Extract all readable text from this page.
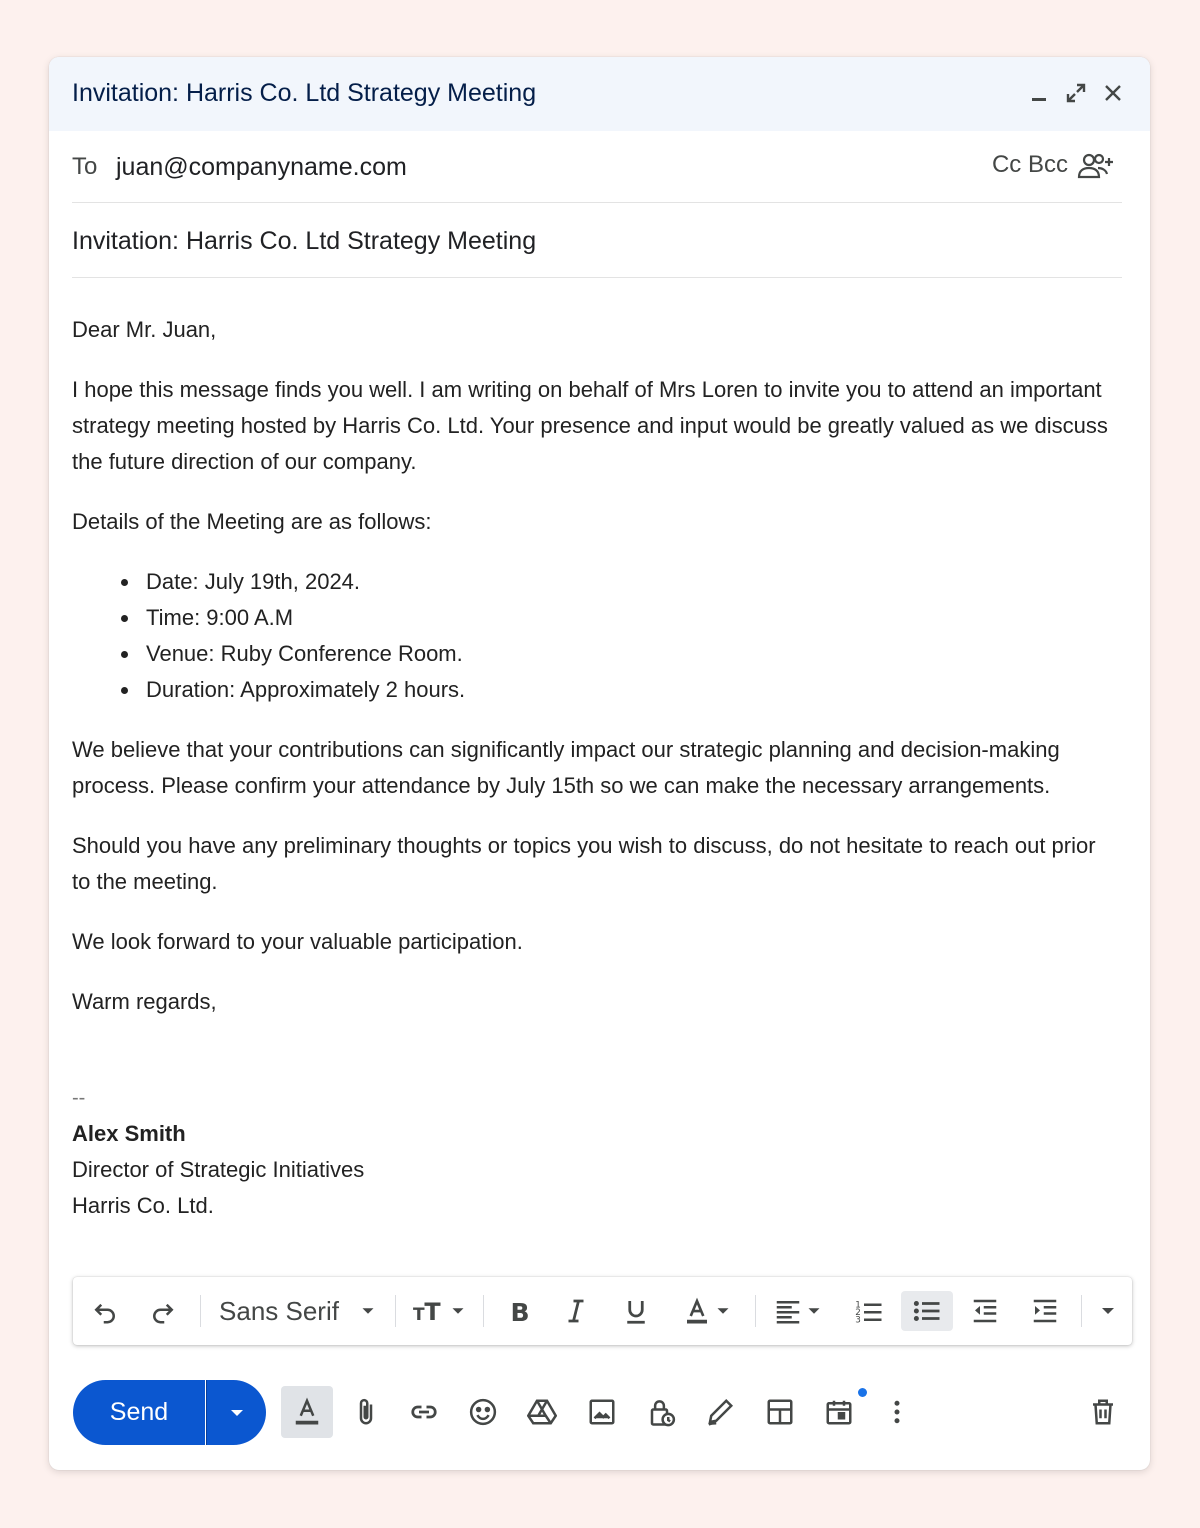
Invitation: Harris Co. Ltd Strategy Meeting
To juan@companyname.com	Cc Bcc
Invitation: Harris Co. Ltd Strategy Meeting

Dear Mr. Juan,

I hope this message finds you well. I am writing on behalf of Mrs Loren to invite you to attend an important strategy meeting hosted by Harris Co. Ltd. Your presence and input would be greatly valued as we discuss the future direction of our company.

Details of the Meeting are as follows:

Date: July 19th, 2024.
Time: 9:00 A.M
Venue: Ruby Conference Room.
Duration: Approximately 2 hours.

We believe that your contributions can significantly impact our strategic planning and decision-making process. Please confirm your attendance by July 15th so we can make the necessary arrangements.

Should you have any preliminary thoughts or topics you wish to discuss, do not hesitate to reach out prior to the meeting.

We look forward to your valuable participation.

Warm regards,

--

Alex Smith

Director of Strategic Initiatives

Harris Co. Ltd.

Sans Serif	T T	B	1
2
3
Send
